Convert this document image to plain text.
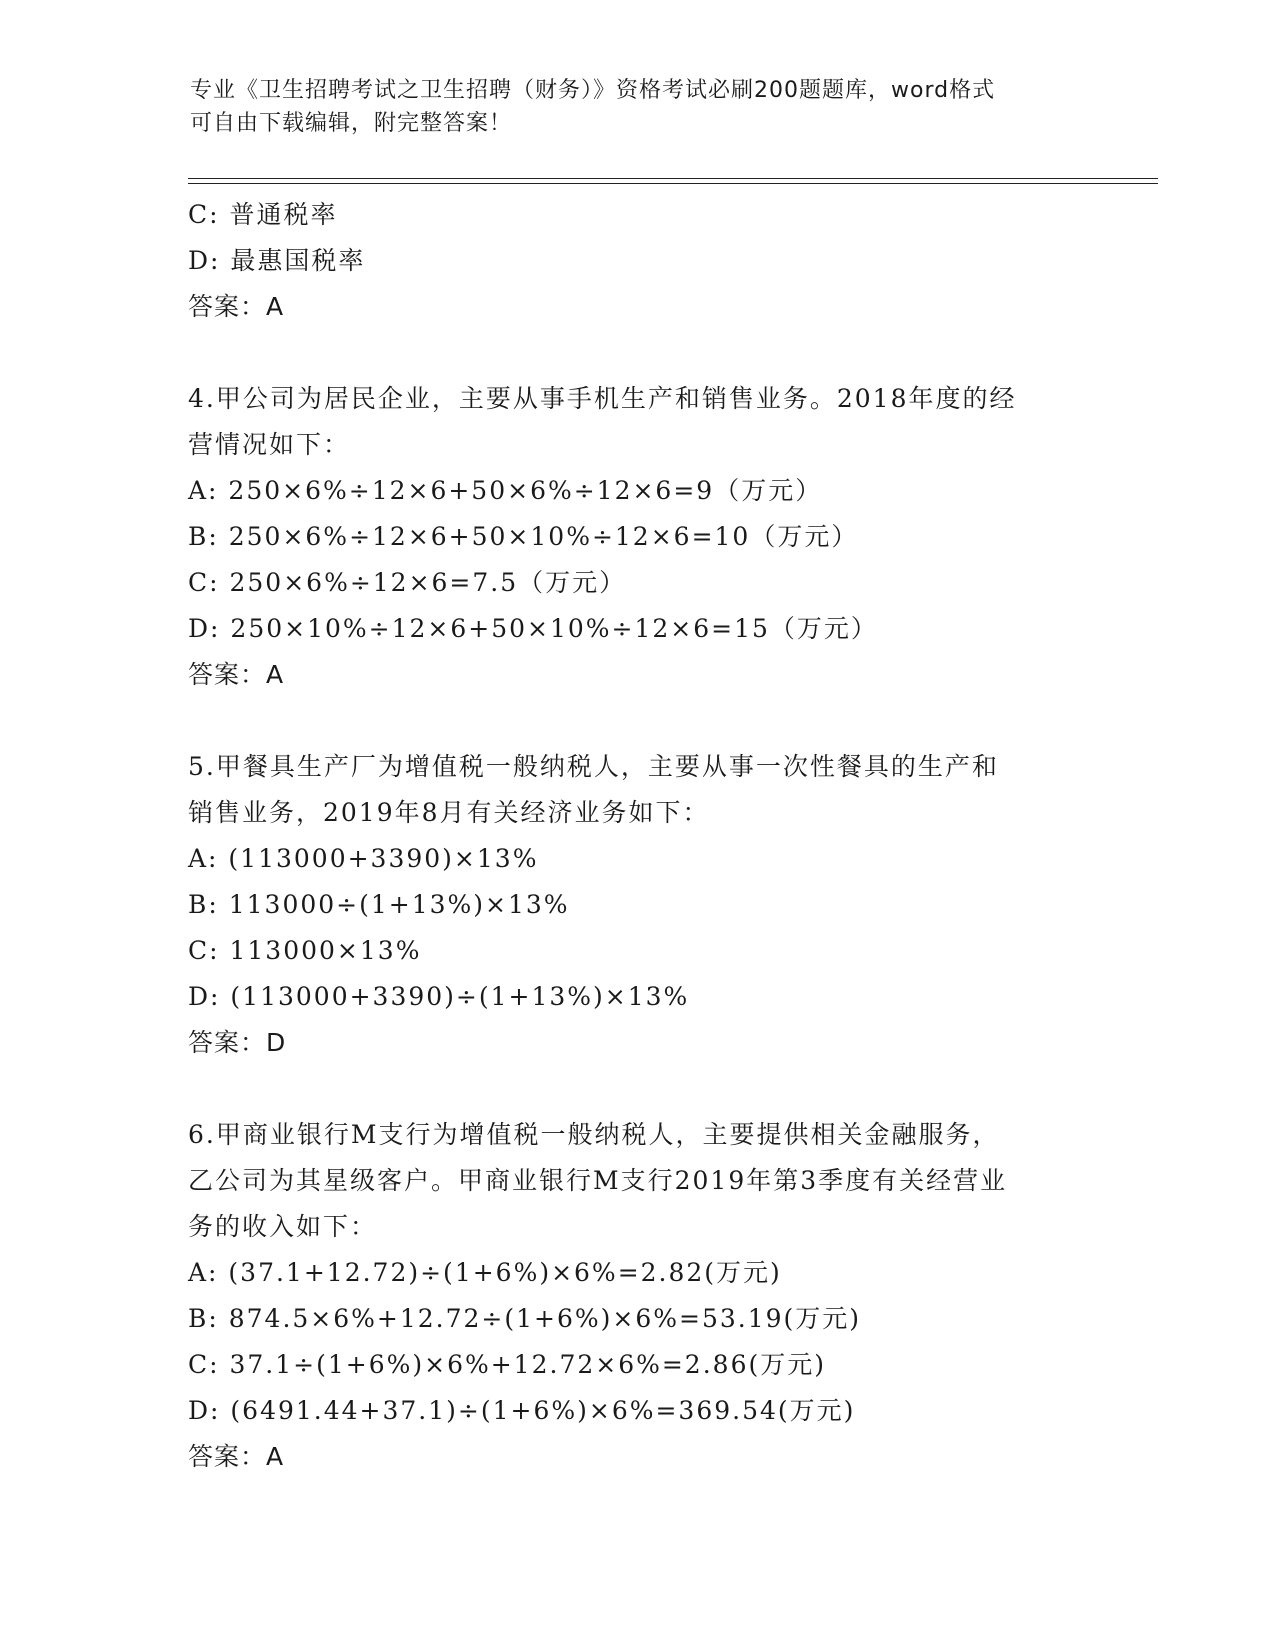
专业《卫生招聘考试之卫生招聘（财务）》资格考试必刷200题题库，word格式
可自由下载编辑，附完整答案！
C: 普通税率
D: 最惠国税率
答案：A
4.甲公司为居民企业，主要从事手机生产和销售业务。2018年度的经
营情况如下：
A: 250×6%÷12×6+50×6%÷12×6=9（万元）
B: 250×6%÷12×6+50×10%÷12×6=10（万元）
C: 250×6%÷12×6=7.5（万元）
D: 250×10%÷12×6+50×10%÷12×6=15（万元）
答案：A
5.甲餐具生产厂为增值税一般纳税人，主要从事一次性餐具的生产和
销售业务，2019年8月有关经济业务如下：
A: (113000+3390)×13%
B: 113000÷(1+13%)×13%
C: 113000×13%
D: (113000+3390)÷(1+13%)×13%
答案：D
6.甲商业银行M支行为增值税一般纳税人，主要提供相关金融服务，
乙公司为其星级客户。甲商业银行M支行2019年第3季度有关经营业
务的收入如下：
A: (37.1+12.72)÷(1+6%)×6%=2.82(万元)
B: 874.5×6%+12.72÷(1+6%)×6%=53.19(万元)
C: 37.1÷(1+6%)×6%+12.72×6%=2.86(万元)
D: (6491.44+37.1)÷(1+6%)×6%=369.54(万元)
答案：A
